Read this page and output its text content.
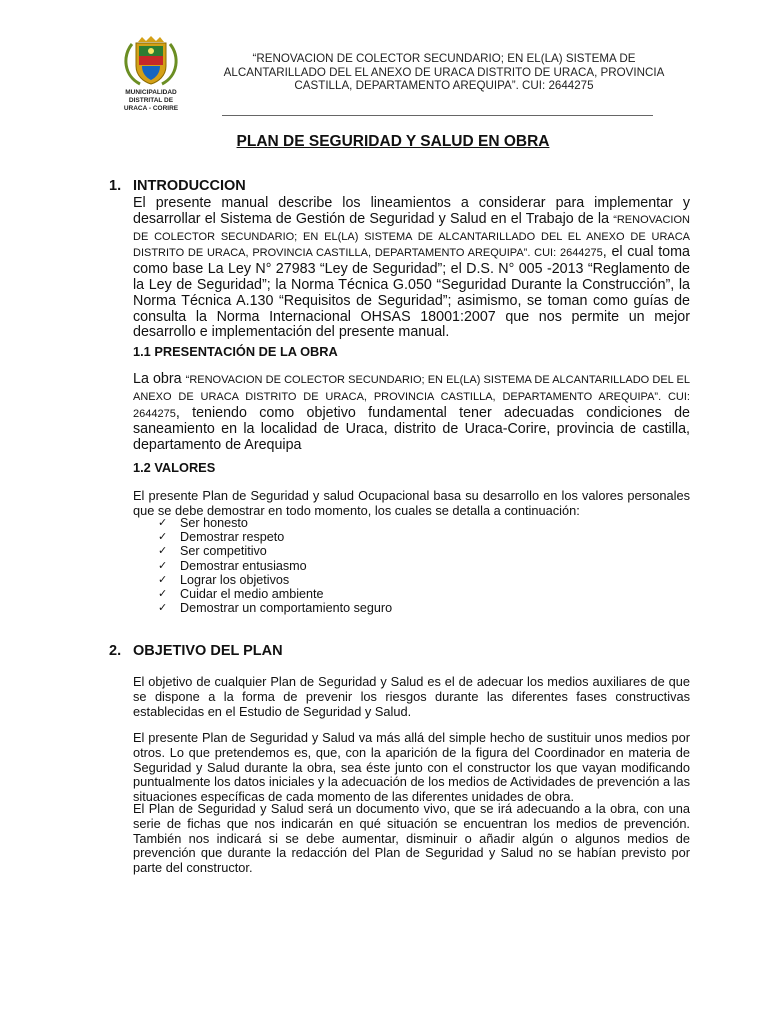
MUNICIPALIDAD
DISTRITAL DE
URACA - CORIRE
“RENOVACION DE COLECTOR SECUNDARIO; EN EL(LA) SISTEMA DE
ALCANTARILLADO DEL EL ANEXO DE URACA DISTRITO DE URACA, PROVINCIA
CASTILLA, DEPARTAMENTO AREQUIPA”. CUI: 2644275
PLAN DE SEGURIDAD Y SALUD EN OBRA
1. INTRODUCCION
El presente manual describe los lineamientos a considerar para implementar y desarrollar el Sistema de Gestión de Seguridad y Salud en el Trabajo de la “RENOVACION DE COLECTOR SECUNDARIO; EN EL(LA) SISTEMA DE ALCANTARILLADO DEL EL ANEXO DE URACA DISTRITO DE URACA, PROVINCIA CASTILLA, DEPARTAMENTO AREQUIPA”. CUI: 2644275, el cual toma como base La Ley N° 27983 “Ley de Seguridad”; el D.S. N° 005 -2013 “Reglamento de la Ley de Seguridad”; la Norma Técnica G.050 “Seguridad Durante la Construcción”, la Norma Técnica A.130 “Requisitos de Seguridad”; asimismo, se toman como guías de consulta la Norma Internacional OHSAS 18001:2007 que nos permite un mejor desarrollo e implementación del presente manual.
1.1 PRESENTACIÓN DE LA OBRA
La obra “RENOVACION DE COLECTOR SECUNDARIO; EN EL(LA) SISTEMA DE ALCANTARILLADO DEL EL ANEXO DE URACA DISTRITO DE URACA, PROVINCIA CASTILLA, DEPARTAMENTO AREQUIPA”. CUI: 2644275, teniendo como objetivo fundamental tener adecuadas condiciones de saneamiento en la localidad de Uraca, distrito de Uraca-Corire, provincia de castilla, departamento de Arequipa
1.2 VALORES
El presente Plan de Seguridad y salud Ocupacional basa su desarrollo en los valores personales que se debe demostrar en todo momento, los cuales se detalla a continuación:
✓ Ser honesto
✓ Demostrar respeto
✓ Ser competitivo
✓ Demostrar entusiasmo
✓ Lograr los objetivos
✓ Cuidar el medio ambiente
✓ Demostrar un comportamiento seguro
2. OBJETIVO DEL PLAN
El objetivo de cualquier Plan de Seguridad y Salud es el de adecuar los medios auxiliares de que se dispone a la forma de prevenir los riesgos durante las diferentes fases constructivas establecidas en el Estudio de Seguridad y Salud.
El presente Plan de Seguridad y Salud va más allá del simple hecho de sustituir unos medios por otros. Lo que pretendemos es, que, con la aparición de la figura del Coordinador en materia de Seguridad y Salud durante la obra, sea éste junto con el constructor los que vayan modificando puntualmente los datos iniciales y la adecuación de los medios de Actividades de prevención a las situaciones específicas de cada momento de las diferentes unidades de obra.
El Plan de Seguridad y Salud será un documento vivo, que se irá adecuando a la obra, con una serie de fichas que nos indicarán en qué situación se encuentran los medios de prevención. También nos indicará si se debe aumentar, disminuir o añadir algún o algunos medios de prevención que durante la redacción del Plan de Seguridad y Salud no se habían previsto por parte del constructor.
